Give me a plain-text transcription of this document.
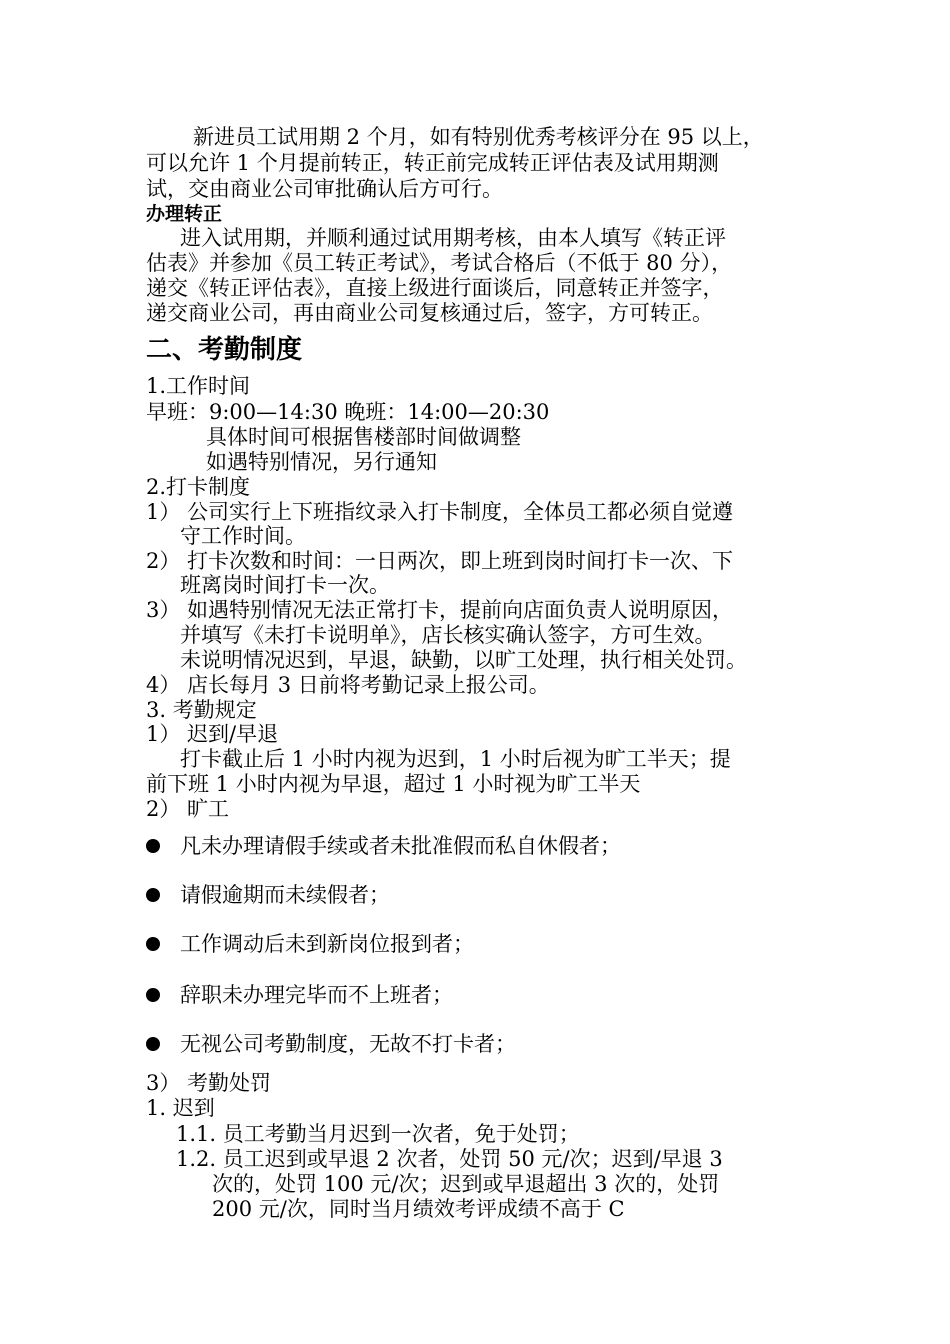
新进员工试用期 2 个月，如有特别优秀考核评分在 95 以上，
可以允许 1 个月提前转正，转正前完成转正评估表及试用期测
试，交由商业公司审批确认后方可行。
办理转正
进入试用期，并顺利通过试用期考核，由本人填写《转正评
估表》并参加《员工转正考试》，考试合格后（不低于 80 分），
递交《转正评估表》，直接上级进行面谈后，同意转正并签字，
递交商业公司，再由商业公司复核通过后，签字，方可转正。
二、考勤制度
1.工作时间
早班：9:00—14:30 晚班：14:00—20:30
具体时间可根据售楼部时间做调整
如遇特别情况，另行通知
2.打卡制度
1） 公司实行上下班指纹录入打卡制度，全体员工都必须自觉遵
守工作时间。
2） 打卡次数和时间：一日两次，即上班到岗时间打卡一次、下
班离岗时间打卡一次。
3） 如遇特别情况无法正常打卡，提前向店面负责人说明原因，
并填写《未打卡说明单》，店长核实确认签字，方可生效。
未说明情况迟到，早退，缺勤，以旷工处理，执行相关处罚。
4） 店长每月 3 日前将考勤记录上报公司。
3. 考勤规定
1） 迟到/早退
打卡截止后 1 小时内视为迟到，1 小时后视为旷工半天；提
前下班 1 小时内视为早退，超过 1 小时视为旷工半天
2） 旷工
凡未办理请假手续或者未批准假而私自休假者；
请假逾期而未续假者；
工作调动后未到新岗位报到者；
辞职未办理完毕而不上班者；
无视公司考勤制度，无故不打卡者；
3） 考勤处罚
1. 迟到
1.1. 员工考勤当月迟到一次者，免于处罚；
1.2. 员工迟到或早退 2 次者，处罚 50 元/次；迟到/早退 3
次的，处罚 100 元/次；迟到或早退超出 3 次的，处罚
200 元/次，同时当月绩效考评成绩不高于 C
